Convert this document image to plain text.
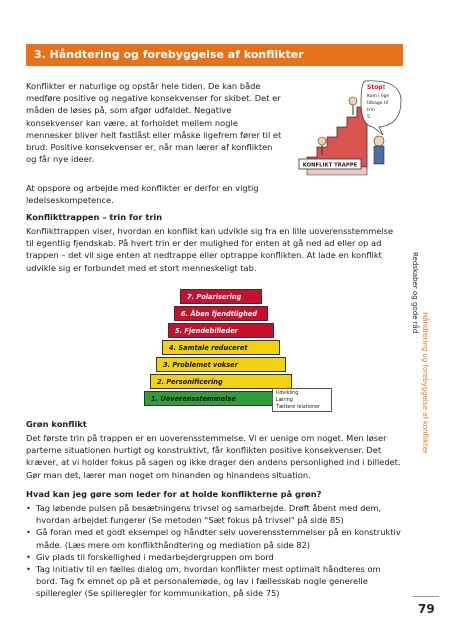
3. Håndtering og forebyggelse af konflikter

Konflikter er naturlige og opstår hele tiden. De kan både medføre positive og negative konsekvenser for skibet. Det er måden de løses på, som afgør udfaldet. Negative konsekvenser kan være, at forholdet mellem nogle mennesker bliver helt fastlåst eller måske ligefrem fører til et brud. Positive konsekvenser er, når man lærer af konflikten og får nye ideer.

KONFLIKT TRAPPE
Stop!
Kom i lige
tilbage til
trin
5

At opspore og arbejde med konflikter er derfor en vigtig ledelseskompetence.

Konflikttrappen – trin for trin

Konflikttrappen viser, hvordan en konflikt kan udvikle sig fra en lille uoverensstemmelse til egentlig fjendskab. På hvert trin er der mulighed for enten at gå ned ad eller op ad trappen – det vil sige enten at nedtrappe eller optrappe konflikten. At lade en konflikt udvikle sig er forbundet med et stort menneskeligt tab.

7. Polarisering
6. Åben fjendtlighed
5. Fjendebilleder
4. Samtale reduceret
3. Problemet vokser
2. Personificering
1. Uoverensstemmelse
Udvikling
Læring
Tættere relationer
Grøn konflikt

Det første trin på trappen er en uoverensstemmelse. Vi er uenige om noget. Men løser parterne situationen hurtigt og konstruktivt, får konflikten positive konsekvenser. Det kræver, at vi holder fokus på sagen og ikke drager den andens personlighed ind i billedet. Gør man det, lærer man noget om hinanden og hinandens situation.

Hvad kan jeg gøre som leder for at holde konflikterne på grøn?
• Tag løbende pulsen på besætningens trivsel og samarbejde. Drøft åbent med dem, hvordan arbejdet fungerer (Se metoden "Sæt fokus på trivsel" på side 85)
• Gå foran med et godt eksempel og håndter selv uoverensstemmelser på en konstruktiv måde. (Læs mere om konflikthåndtering og mediation på side 82)
• Giv plads til forskellighed i medarbejdergruppen om bord
• Tag initiativ til en fælles dialog om, hvordan konflikter mest optimalt håndteres om bord. Tag fx emnet op på et personalemøde, og lav i fællesskab nogle generelle spilleregler (Se spilleregler for kommunikation, på side 75)
Redskaber og gode råd
Håndtering og forebyggelse af konflikter
79
